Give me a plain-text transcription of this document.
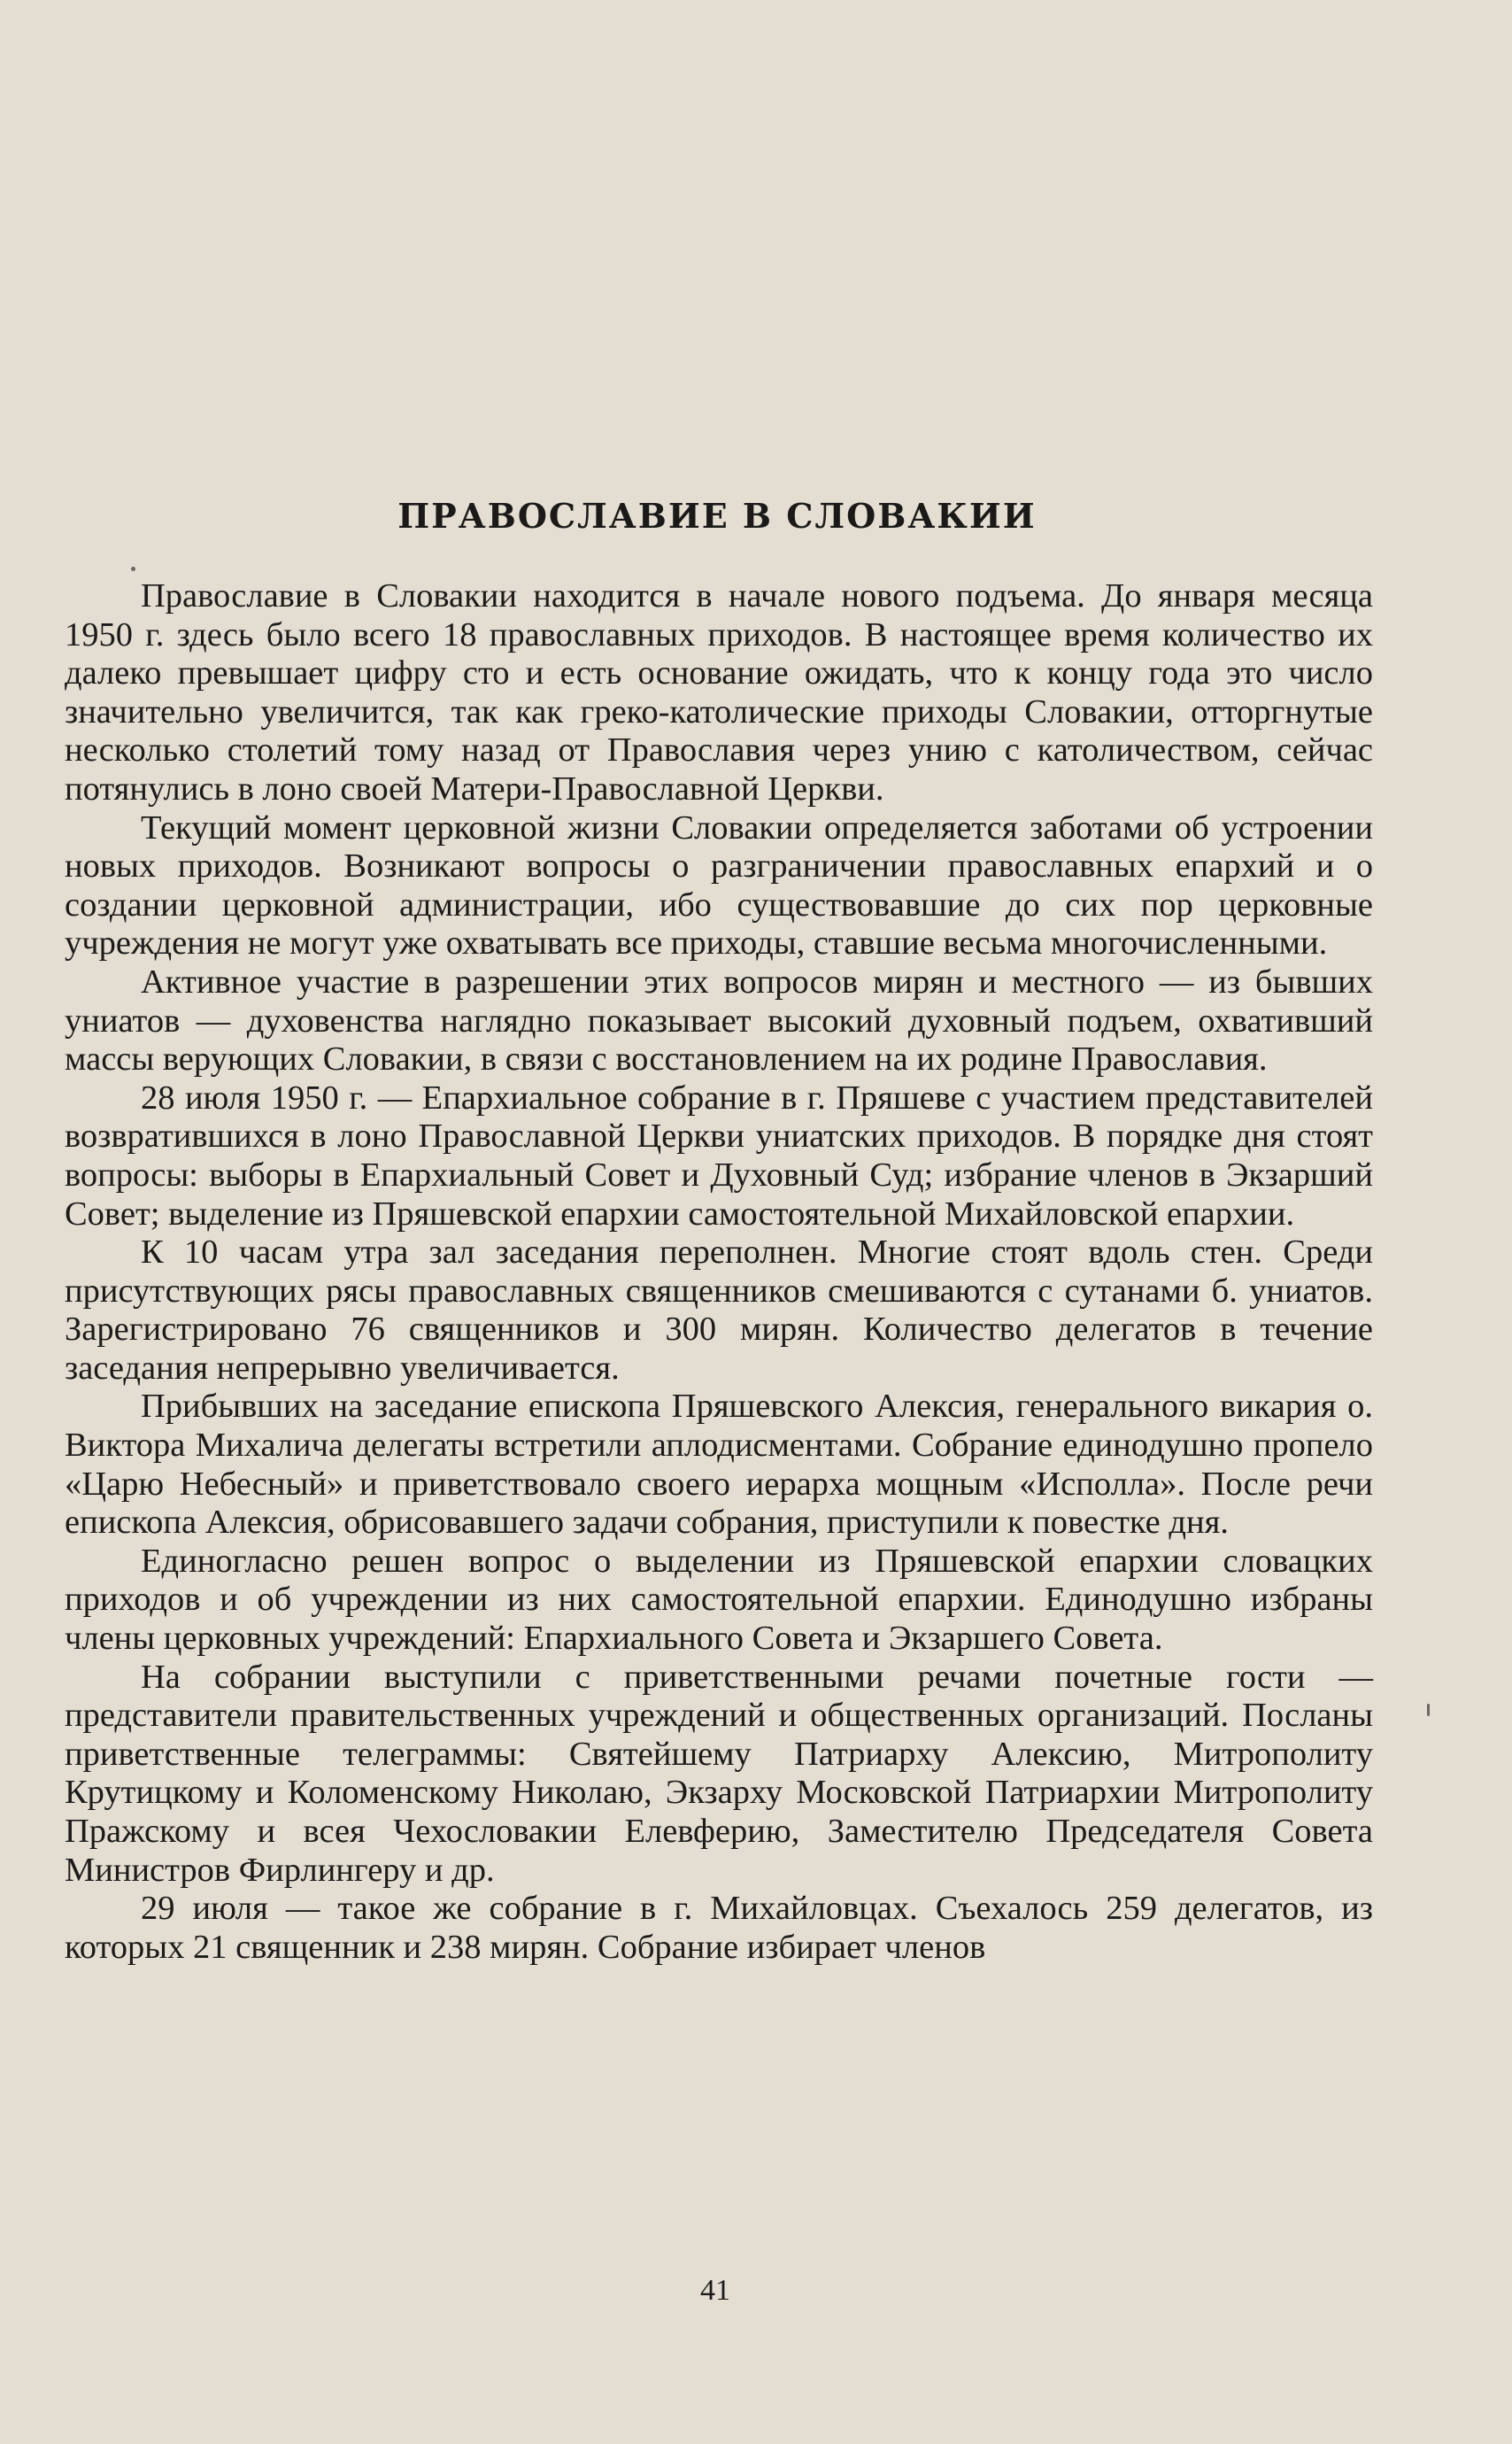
ПРАВОСЛАВИЕ В СЛОВАКИИ

Православие в Словакии находится в начале нового подъема. До января месяца 1950 г. здесь было всего 18 православных приходов. В настоящее время количество их далеко превышает цифру сто и есть основание ожидать, что к концу года это число значительно увеличится, так как греко-католические приходы Словакии, отторгнутые несколько столетий тому назад от Православия через унию с католичеством, сейчас потянулись в лоно своей Матери-Православной Церкви.

Текущий момент церковной жизни Словакии определяется заботами об устроении новых приходов. Возникают вопросы о разграничении православных епархий и о создании церковной администрации, ибо существовавшие до сих пор церковные учреждения не могут уже охватывать все приходы, ставшие весьма многочисленными.

Активное участие в разрешении этих вопросов мирян и местного — из бывших униатов — духовенства наглядно показывает высокий духовный подъем, охвативший массы верующих Словакии, в связи с восстановлением на их родине Православия.

28 июля 1950 г. — Епархиальное собрание в г. Пряшеве с участием представителей возвратившихся в лоно Православной Церкви униатских приходов. В порядке дня стоят вопросы: выборы в Епархиальный Совет и Духовный Суд; избрание членов в Экзарший Совет; выделение из Пряшевской епархии самостоятельной Михайловской епархии.

К 10 часам утра зал заседания переполнен. Многие стоят вдоль стен. Среди присутствующих рясы православных священников смешиваются с сутанами б. униатов. Зарегистрировано 76 священников и 300 мирян. Количество делегатов в течение заседания непрерывно увеличивается.

Прибывших на заседание епископа Пряшевского Алексия, генерального викария о. Виктора Михалича делегаты встретили аплодисментами. Собрание единодушно пропело «Царю Небесный» и приветствовало своего иерарха мощным «Исполла». После речи епископа Алексия, обрисовавшего задачи собрания, приступили к повестке дня.

Единогласно решен вопрос о выделении из Пряшевской епархии словацких приходов и об учреждении из них самостоятельной епархии. Единодушно избраны члены церковных учреждений: Епархиального Совета и Экзаршего Совета.

На собрании выступили с приветственными речами почетные гости — представители правительственных учреждений и общественных организаций. Посланы приветственные телеграммы: Святейшему Патриарху Алексию, Митрополиту Крутицкому и Коломенскому Николаю, Экзарху Московской Патриархии Митрополиту Пражскому и всея Чехословакии Елевферию, Заместителю Председателя Совета Министров Фирлингеру и др.

29 июля — такое же собрание в г. Михайловцах. Съехалось 259 делегатов, из которых 21 священник и 238 мирян. Собрание избирает членов

41
